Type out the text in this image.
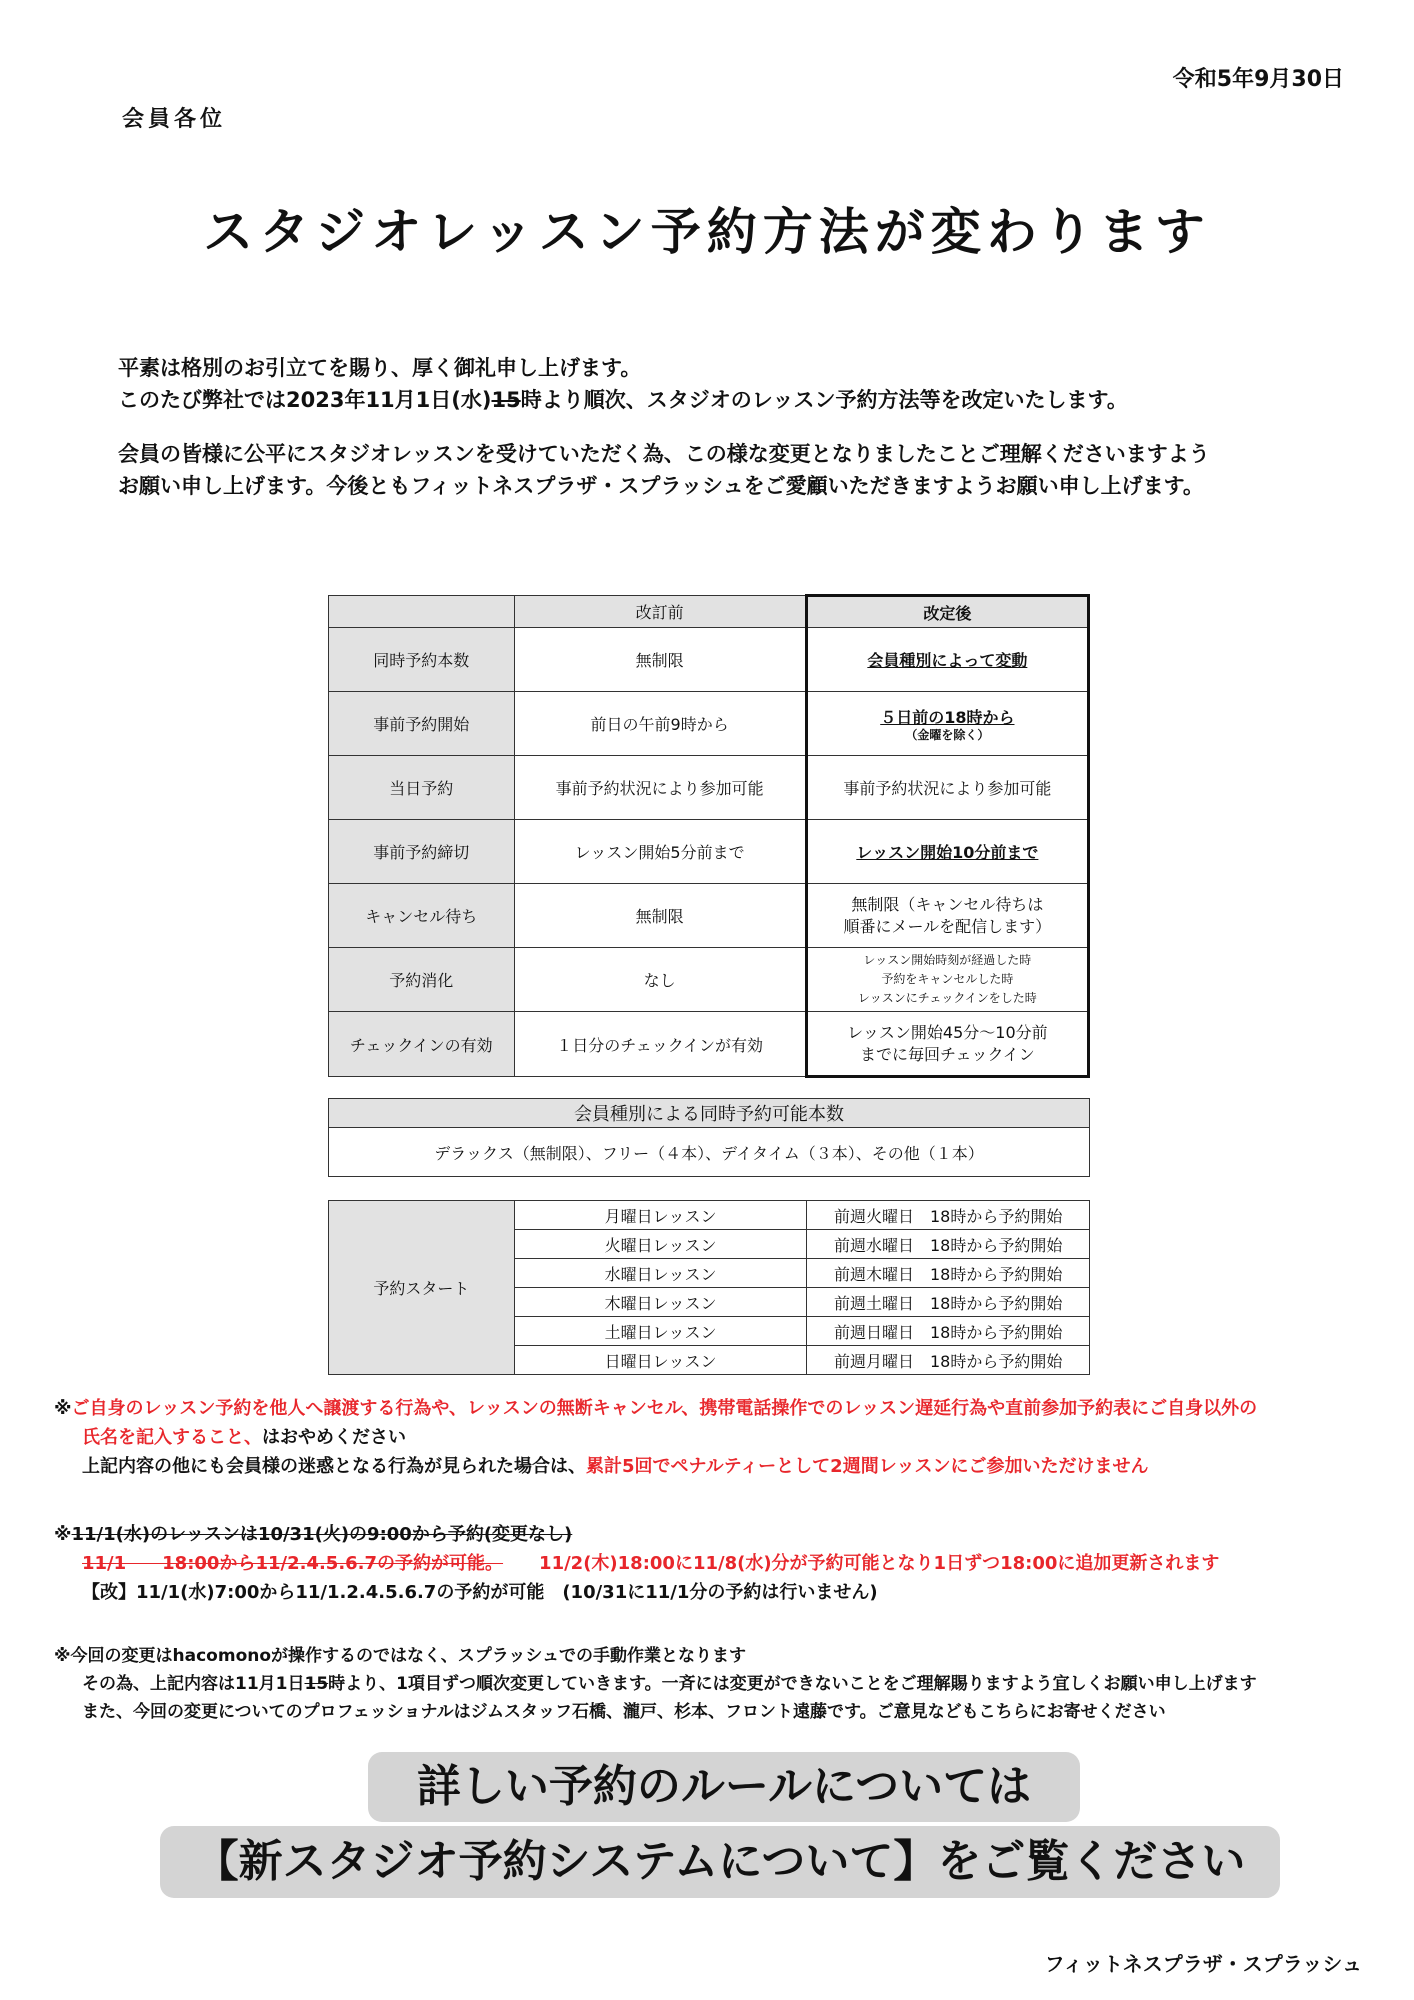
令和5年9月30日
会員各位
スタジオレッスン予約方法が変わります

平素は格別のお引立てを賜り、厚く御礼申し上げます。

このたび弊社では2023年11月1日(水)15時より順次、スタジオのレッスン予約方法等を改定いたします。

会員の皆様に公平にスタジオレッスンを受けていただく為、この様な変更となりましたことご理解くださいますよう

お願い申し上げます。今後ともフィットネスプラザ・スプラッシュをご愛顧いただきますようお願い申し上げます。

	改訂前	改定後
同時予約本数	無制限	会員種別によって変動
事前予約開始	前日の午前9時から	５日前の18時から
（金曜を除く）

当日予約	事前予約状況により参加可能	事前予約状況により参加可能
事前予約締切	レッスン開始5分前まで	レッスン開始10分前まで
キャンセル待ち	無制限	無制限（キャンセル待ちは
順番にメールを配信します）

予約消化	なし	レッスン開始時刻が経過した時
予約をキャンセルした時
レッスンにチェックインをした時

チェックインの有効	１日分のチェックインが有効	レッスン開始45分～10分前
までに毎回チェックイン
会員種別による同時予約可能本数
デラックス（無制限）、フリー（４本）、デイタイム（３本）、その他（１本）
予約スタート	月曜日レッスン	前週火曜日　18時から予約開始
	火曜日レッスン	前週水曜日　18時から予約開始
	水曜日レッスン	前週木曜日　18時から予約開始
	木曜日レッスン	前週土曜日　18時から予約開始
	土曜日レッスン	前週日曜日　18時から予約開始
	日曜日レッスン	前週月曜日　18時から予約開始

※ご自身のレッスン予約を他人へ譲渡する行為や、レッスンの無断キャンセル、携帯電話操作でのレッスン遅延行為や直前参加予約表にご自身以外の

氏名を記入すること、はおやめください

上記内容の他にも会員様の迷惑となる行為が見られた場合は、累計5回でペナルティーとして2週間レッスンにご参加いただけません

※11/1(水)のレッスンは10/31(火)の9:00から予約(変更なし)

11/1　　18:00から11/2.4.5.6.7の予約が可能。 11/2(木)18:00に11/8(水)分が予約可能となり1日ずつ18:00に追加更新されます

【改】11/1(水)7:00から11/1.2.4.5.6.7の予約が可能　(10/31に11/1分の予約は行いません)

※今回の変更はhacomonoが操作するのではなく、スプラッシュでの手動作業となります

その為、上記内容は11月1日15時より、1項目ずつ順次変更していきます。一斉には変更ができないことをご理解賜りますよう宜しくお願い申し上げます

また、今回の変更についてのプロフェッショナルはジムスタッフ石橋、瀧戸、杉本、フロント遠藤です。ご意見などもこちらにお寄せください

詳しい予約のルールについては
【新スタジオ予約システムについて】をご覧ください
フィットネスプラザ・スプラッシュ
